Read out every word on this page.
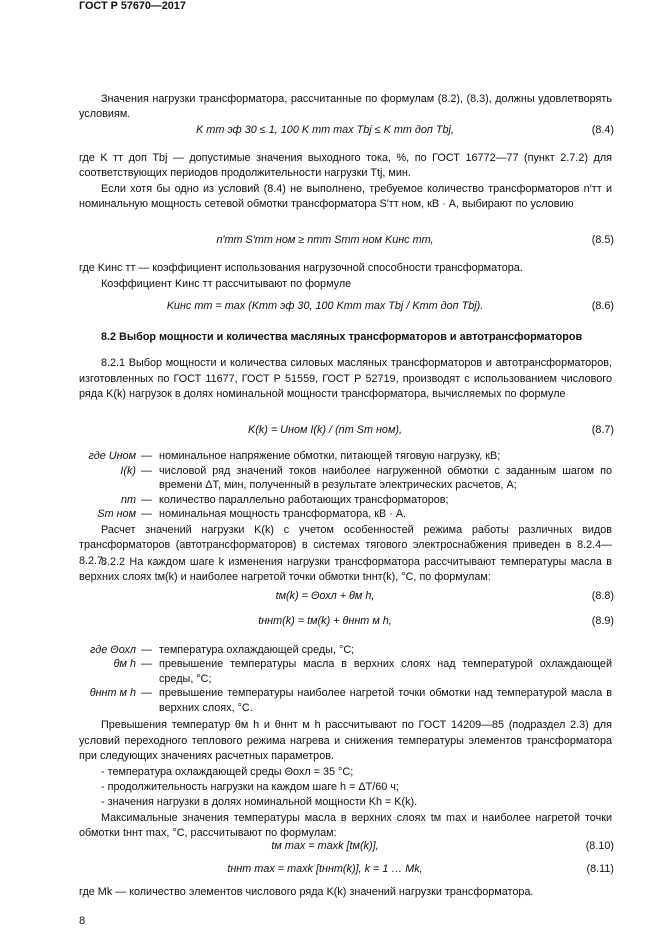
ГОСТ Р 57670—2017
Значения нагрузки трансформатора, рассчитанные по формулам (8.2), (8.3), должны удовлетворять условиям.
K тт эф 30 ≤ 1, 100 K тт max Tbj ≤ K тт доп Tbj,	(8.4)
где K тт доп Tbj — допустимые значения выходного тока, %, по ГОСТ 16772—77 (пункт 2.7.2) для соответствующих периодов продолжительности нагрузки Ttj, мин.
Если хотя бы одно из условий (8.4) не выполнено, требуемое количество трансформаторов n′тт и номинальную мощность сетевой обмотки трансформатора S′тт ном, кВ · А, выбирают по условию
n′тт S′тт ном ≥ nтт Sтт ном Kинс тт,	(8.5)
где Kинс тт — коэффициент использования нагрузочной способности трансформатора.
Коэффициент Kинс тт рассчитывают по формуле
Kинс тт = max (Kтт эф 30, 100 Kтт max Tbj / Kтт доп Tbj).	(8.6)
8.2 Выбор мощности и количества масляных трансформаторов и автотрансформаторов
8.2.1 Выбор мощности и количества силовых масляных трансформаторов и автотрансформаторов, изготовленных по ГОСТ 11677, ГОСТ Р 51559, ГОСТ Р 52719, производят с использованием числового ряда K(k) нагрузок в долях номинальной мощности трансформатора, вычисляемых по формуле
K(k) = Uном I(k) / (nт Sт ном),	(8.7)
где Uном — номинальное напряжение обмотки, питающей тяговую нагрузку, кВ;
I(k) — числовой ряд значений токов наиболее нагруженной обмотки с заданным шагом по времени ΔT, мин, полученный в результате электрических расчетов, А;
nт — количество параллельно работающих трансформаторов;
Sт ном — номинальная мощность трансформатора, кВ · А.
Расчет значений нагрузки K(k) с учетом особенностей режима работы различных видов трансформаторов (автотрансформаторов) в системах тягового электроснабжения приведен в 8.2.4—8.2.7.
8.2.2 На каждом шаге k изменения нагрузки трансформатора рассчитывают температуры масла в верхних слоях tм(k) и наиболее нагретой точки обмотки tннт(k), °С, по формулам:
tм(k) = Θохл + θм h,	(8.8)
tннт(k) = tм(k) + θннт м h,	(8.9)
где Θохл — температура охлаждающей среды, °С;
θм h — превышение температуры масла в верхних слоях над температурой охлаждающей среды, °С;
θннт м h — превышение температуры наиболее нагретой точки обмотки над температурой масла в верхних слоях, °С.
Превышения температур θм h и θннт м h рассчитывают по ГОСТ 14209—85 (подраздел 2.3) для условий переходного теплового режима нагрева и снижения температуры элементов трансформатора при следующих значениях расчетных параметров.
- температура охлаждающей среды Θохл = 35 °С;
- продолжительность нагрузки на каждом шаге h = ΔT/60 ч;
- значения нагрузки в долях номинальной мощности Kh = K(k).
Максимальные значения температуры масла в верхних слоях tм max и наиболее нагретой точки обмотки tннт max, °С, рассчитывают по формулам:
tм max = maxk [tм(k)],	(8.10)
tннт max = maxk [tннт(k)], k = 1 … Mk,	(8.11)
где Mk — количество элементов числового ряда K(k) значений нагрузки трансформатора.
8
